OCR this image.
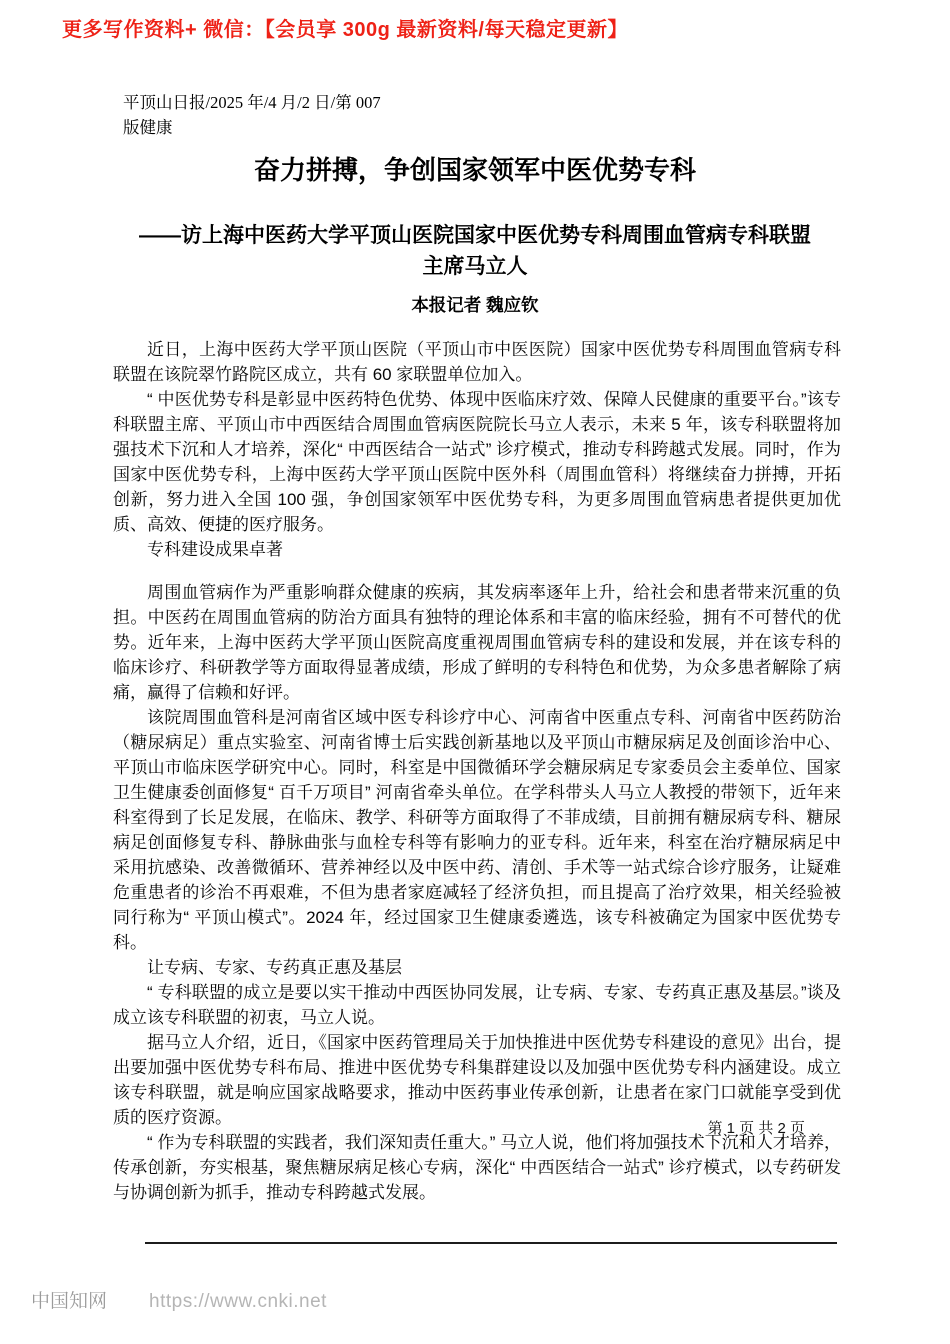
更多写作资料+ 微信：【会员享 300g 最新资料/每天稳定更新】
平顶山日报/2025 年/4 月/2 日/第 007
版健康
奋力拼搏，争创国家领军中医优势专科
——访上海中医药大学平顶山医院国家中医优势专科周围血管病专科联盟
主席马立人
本报记者 魏应钦
近日，上海中医药大学平顶山医院（平顶山市中医医院）国家中医优势专科周围血管病专科联盟在该院翠竹路院区成立，共有 60 家联盟单位加入。
“ 中医优势专科是彰显中医药特色优势、体现中医临床疗效、保障人民健康的重要平台。”该专科联盟主席、平顶山市中西医结合周围血管病医院院长马立人表示，未来 5 年，该专科联盟将加强技术下沉和人才培养，深化“ 中西医结合一站式” 诊疗模式，推动专科跨越式发展。同时，作为国家中医优势专科，上海中医药大学平顶山医院中医外科（周围血管科）将继续奋力拼搏，开拓创新，努力进入全国 100 强，争创国家领军中医优势专科，为更多周围血管病患者提供更加优质、高效、便捷的医疗服务。
专科建设成果卓著
周围血管病作为严重影响群众健康的疾病，其发病率逐年上升，给社会和患者带来沉重的负担。中医药在周围血管病的防治方面具有独特的理论体系和丰富的临床经验，拥有不可替代的优势。近年来，上海中医药大学平顶山医院高度重视周围血管病专科的建设和发展，并在该专科的临床诊疗、科研教学等方面取得显著成绩，形成了鲜明的专科特色和优势，为众多患者解除了病痛，赢得了信赖和好评。
该院周围血管科是河南省区域中医专科诊疗中心、河南省中医重点专科、河南省中医药防治（糖尿病足）重点实验室、河南省博士后实践创新基地以及平顶山市糖尿病足及创面诊治中心、平顶山市临床医学研究中心。同时，科室是中国微循环学会糖尿病足专家委员会主委单位、国家卫生健康委创面修复“ 百千万项目” 河南省牵头单位。在学科带头人马立人教授的带领下，近年来科室得到了长足发展，在临床、教学、科研等方面取得了不菲成绩，目前拥有糖尿病专科、糖尿病足创面修复专科、静脉曲张与血栓专科等有影响力的亚专科。近年来，科室在治疗糖尿病足中采用抗感染、改善微循环、营养神经以及中医中药、清创、手术等一站式综合诊疗服务，让疑难危重患者的诊治不再艰难，不但为患者家庭减轻了经济负担，而且提高了治疗效果，相关经验被同行称为“ 平顶山模式”。2024 年，经过国家卫生健康委遴选，该专科被确定为国家中医优势专科。
让专病、专家、专药真正惠及基层
“ 专科联盟的成立是要以实干推动中西医协同发展，让专病、专家、专药真正惠及基层。”谈及成立该专科联盟的初衷，马立人说。
据马立人介绍，近日，《国家中医药管理局关于加快推进中医优势专科建设的意见》出台，提出要加强中医优势专科布局、推进中医优势专科集群建设以及加强中医优势专科内涵建设。成立该专科联盟，就是响应国家战略要求，推动中医药事业传承创新，让患者在家门口就能享受到优质的医疗资源。
“ 作为专科联盟的实践者，我们深知责任重大。” 马立人说，他们将加强技术下沉和人才培养，传承创新，夯实根基，聚焦糖尿病足核心专病，深化“ 中西医结合一站式” 诊疗模式，以专药研发与协调创新为抓手，推动专科跨越式发展。
第 1 页 共 2 页
中国知网 https://www.cnki.net
